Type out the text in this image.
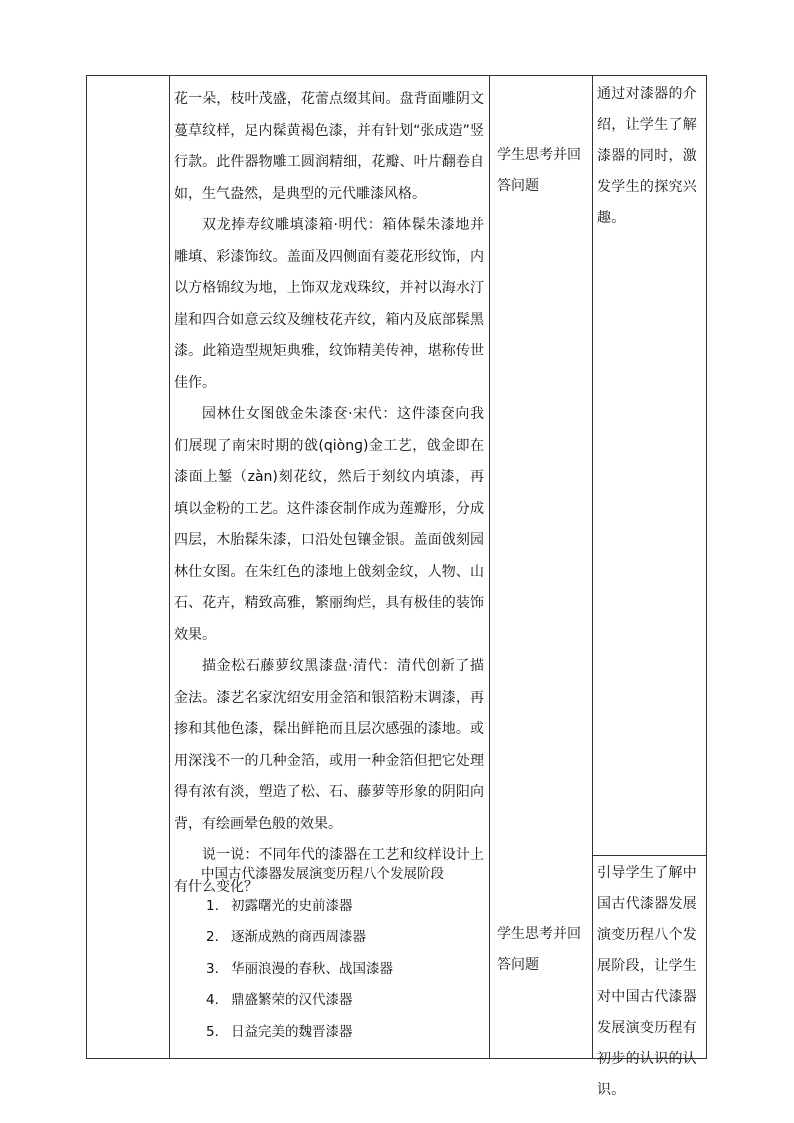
花一朵，枝叶茂盛，花蕾点缀其间。盘背面雕阴文蔓草纹样，足内髹黄褐色漆，并有针划“张成造”竖行款。此件器物雕工圆润精细，花瓣、叶片翻卷自如，生气盎然，是典型的元代雕漆风格。

双龙捧寿纹雕填漆箱·明代：箱体髹朱漆地并雕填、彩漆饰纹。盖面及四侧面有菱花形纹饰，内以方格锦纹为地，上饰双龙戏珠纹，并衬以海水汀崖和四合如意云纹及缠枝花卉纹，箱内及底部髹黑漆。此箱造型规矩典雅，纹饰精美传神，堪称传世佳作。

园林仕女图戗金朱漆奁·宋代：这件漆奁向我们展现了南宋时期的戗(qiònɡ)金工艺，戗金即在漆面上錾（zàn)刻花纹，然后于刻纹内填漆，再填以金粉的工艺。这件漆奁制作成为莲瓣形，分成四层，木胎髹朱漆，口沿处包镶金银。盖面戗刻园林仕女图。在朱红色的漆地上戗刻金纹，人物、山石、花卉，精致高雅，繁丽绚烂，具有极佳的装饰效果。

描金松石藤萝纹黑漆盘·清代：清代创新了描金法。漆艺名家沈绍安用金箔和银箔粉末调漆，再掺和其他色漆，髹出鲜艳而且层次感强的漆地。或用深浅不一的几种金箔，或用一种金箔但把它处理得有浓有淡，塑造了松、石、藤萝等形象的阴阳向背，有绘画晕色般的效果。

说一说：不同年代的漆器在工艺和纹样设计上有什么变化？

学生思考并回答问题
通过对漆器的介绍，让学生了解漆器的同时，激发学生的探究兴趣。
中国古代漆器发展演变历程八个发展阶段
1. 初露曙光的史前漆器
2. 逐渐成熟的商西周漆器
3. 华丽浪漫的春秋、战国漆器
4. 鼎盛繁荣的汉代漆器
5. 日益完美的魏晋漆器
学生思考并回答问题
引导学生了解中国古代漆器发展演变历程八个发展阶段，让学生对中国古代漆器发展演变历程有初步的认识的认识。
